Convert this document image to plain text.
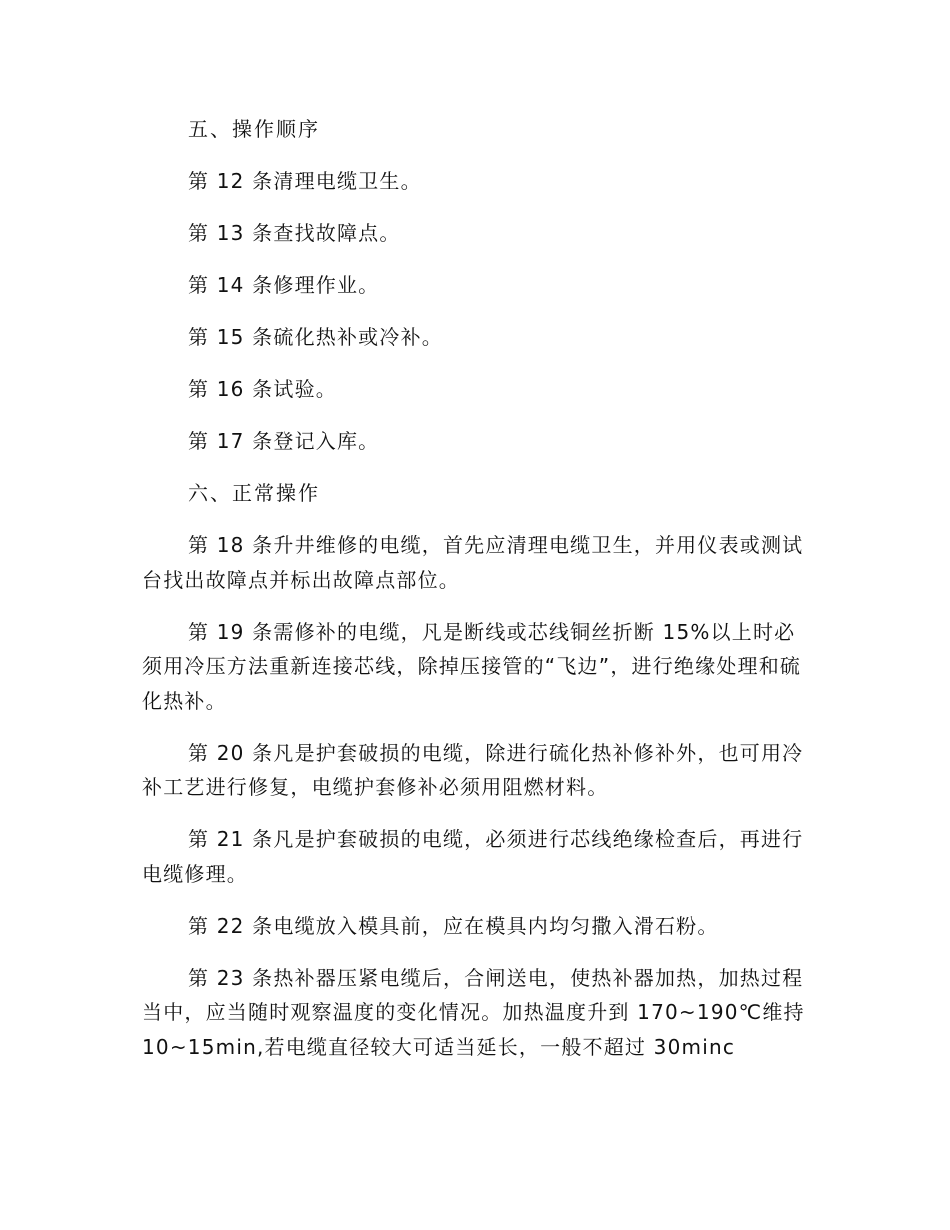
五、操作顺序

第 12 条清理电缆卫生。

第 13 条查找故障点。

第 14 条修理作业。

第 15 条硫化热补或冷补。

第 16 条试验。

第 17 条登记入库。

六、正常操作

第 18 条升井维修的电缆，首先应清理电缆卫生，并用仪表或测试台找出故障点并标出故障点部位。

第 19 条需修补的电缆，凡是断线或芯线铜丝折断 15%以上时必须用冷压方法重新连接芯线，除掉压接管的“飞边”，进行绝缘处理和硫化热补。

第 20 条凡是护套破损的电缆，除进行硫化热补修补外，也可用冷补工艺进行修复，电缆护套修补必须用阻燃材料。

第 21 条凡是护套破损的电缆，必须进行芯线绝缘检查后，再进行电缆修理。

第 22 条电缆放入模具前，应在模具内均匀撒入滑石粉。

第 23 条热补器压紧电缆后，合闸送电，使热补器加热，加热过程当中，应当随时观察温度的变化情况。加热温度升到 170~190℃维持 10~15min,若电缆直径较大可适当延长，一般不超过 30minc
